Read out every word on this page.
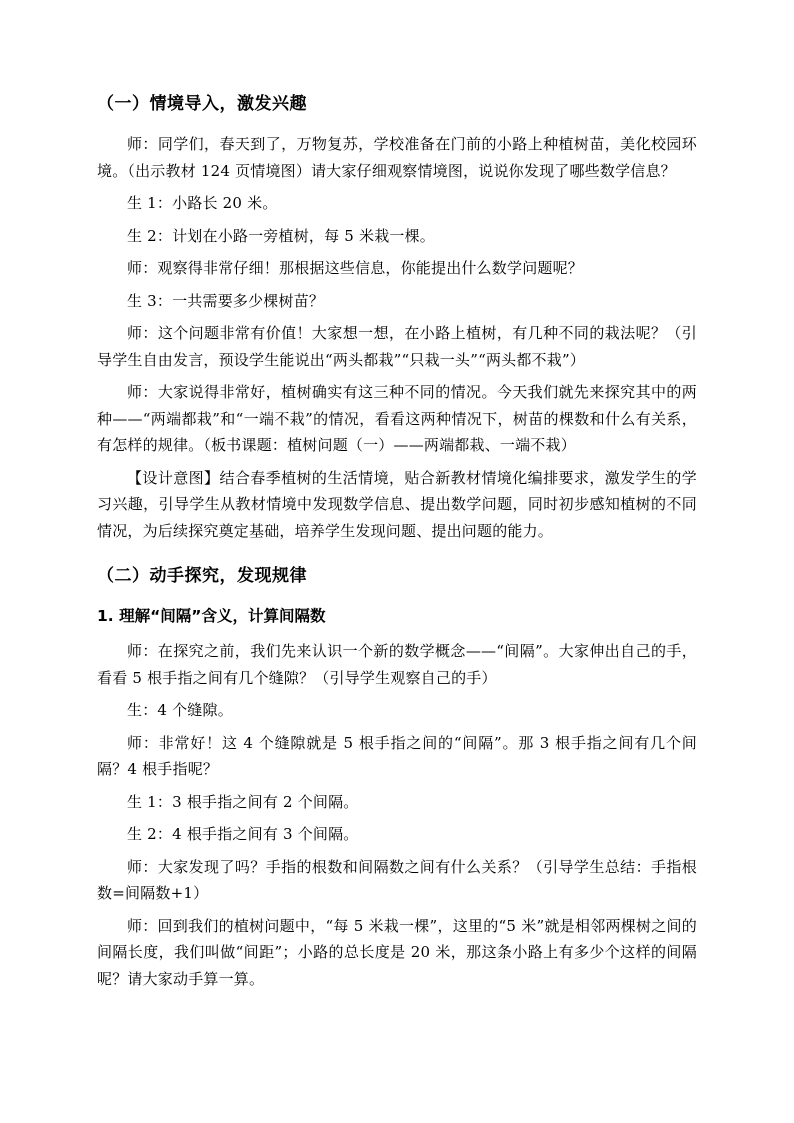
（一）情境导入，激发兴趣

师：同学们，春天到了，万物复苏，学校准备在门前的小路上种植树苗，美化校园环境。（出示教材 124 页情境图）请大家仔细观察情境图，说说你发现了哪些数学信息？

生 1：小路长 20 米。

生 2：计划在小路一旁植树，每 5 米栽一棵。

师：观察得非常仔细！那根据这些信息，你能提出什么数学问题呢？

生 3：一共需要多少棵树苗？

师：这个问题非常有价值！大家想一想，在小路上植树，有几种不同的栽法呢？（引导学生自由发言，预设学生能说出“两头都栽”“只栽一头”“两头都不栽”）

师：大家说得非常好，植树确实有这三种不同的情况。今天我们就先来探究其中的两种——“两端都栽”和“一端不栽”的情况，看看这两种情况下，树苗的棵数和什么有关系，有怎样的规律。（板书课题：植树问题（一）——两端都栽、一端不栽）

【设计意图】结合春季植树的生活情境，贴合新教材情境化编排要求，激发学生的学习兴趣，引导学生从教材情境中发现数学信息、提出数学问题，同时初步感知植树的不同情况，为后续探究奠定基础，培养学生发现问题、提出问题的能力。

（二）动手探究，发现规律
1. 理解“间隔”含义，计算间隔数

师：在探究之前，我们先来认识一个新的数学概念——“间隔”。大家伸出自己的手，看看 5 根手指之间有几个缝隙？（引导学生观察自己的手）

生：4 个缝隙。

师：非常好！这 4 个缝隙就是 5 根手指之间的“间隔”。那 3 根手指之间有几个间隔？4 根手指呢？

生 1：3 根手指之间有 2 个间隔。

生 2：4 根手指之间有 3 个间隔。

师：大家发现了吗？手指的根数和间隔数之间有什么关系？（引导学生总结：手指根数=间隔数+1）

师：回到我们的植树问题中，“每 5 米栽一棵”，这里的“5 米”就是相邻两棵树之间的间隔长度，我们叫做“间距”；小路的总长度是 20 米，那这条小路上有多少个这样的间隔呢？请大家动手算一算。
